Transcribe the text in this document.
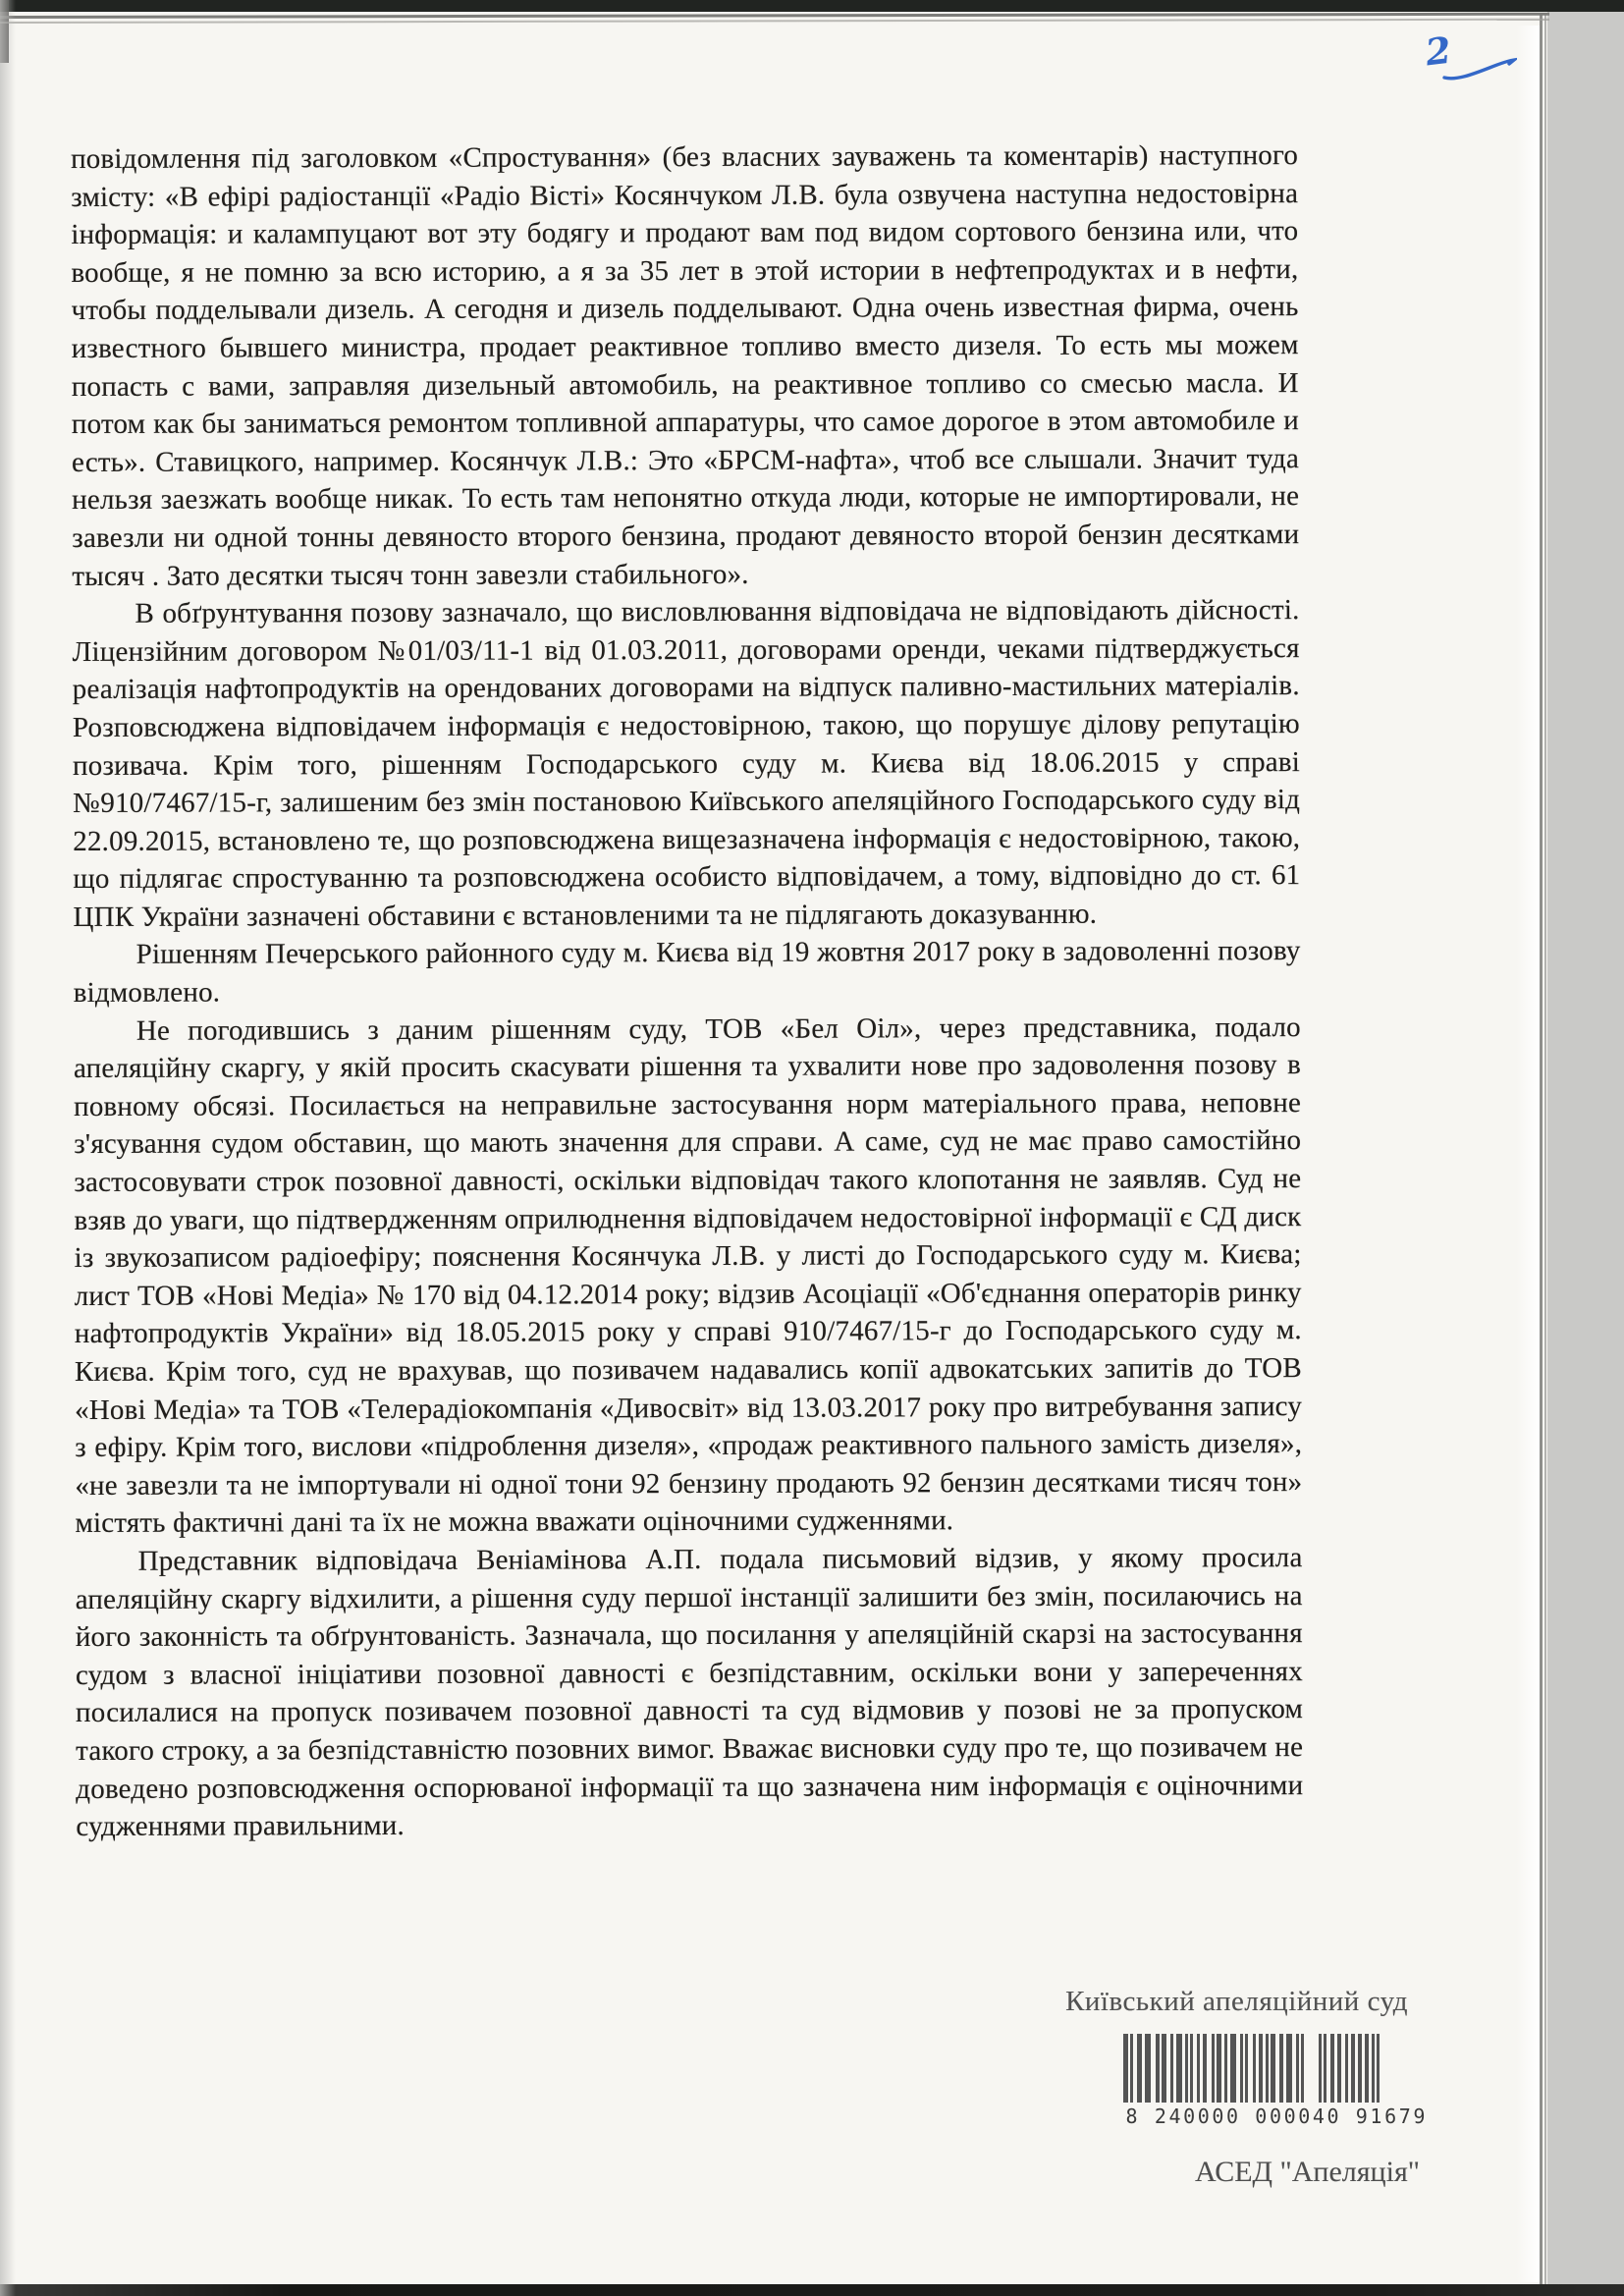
2

повідомлення під заголовком «Спростування» (без власних зауважень та коментарів) наступного змісту: «В ефірі радіостанції «Радіо Вісті» Косянчуком Л.В. була озвучена наступна недостовірна інформація: и калампуцают вот эту бодягу и продают вам под видом сортового бензина или, что вообще, я не помню за всю историю, а я за 35 лет в этой истории в нефтепродуктах и в нефти, чтобы подделывали дизель. А сегодня и дизель подделывают. Одна очень известная фирма, очень известного бывшего министра, продает реактивное топливо вместо дизеля. То есть мы можем попасть с вами, заправляя дизельный автомобиль, на реактивное топливо со смесью масла. И потом как бы заниматься ремонтом топливной аппаратуры, что самое дорогое в этом автомобиле и есть». Ставицкого, например. Косянчук Л.В.: Это «БРСМ-нафта», чтоб все слышали. Значит туда нельзя заезжать вообще никак. То есть там непонятно откуда люди, которые не импортировали, не завезли ни одной тонны девяносто второго бензина, продают девяносто второй бензин десятками тысяч . Зато десятки тысяч тонн завезли стабильного».

В обґрунтування позову зазначало, що висловлювання відповідача не відповідають дійсності. Ліцензійним договором №01/03/11-1 від 01.03.2011, договорами оренди, чеками підтверджується реалізація нафтопродуктів на орендованих договорами на відпуск паливно-мастильних матеріалів. Розповсюджена відповідачем інформація є недостовірною, такою, що порушує ділову репутацію позивача. Крім того, рішенням Господарського суду м. Києва від 18.06.2015 у справі №910/7467/15-г, залишеним без змін постановою Київського апеляційного Господарського суду від 22.09.2015, встановлено те, що розповсюджена вищезазначена інформація є недостовірною, такою, що підлягає спростуванню та розповсюджена особисто відповідачем, а тому, відповідно до ст. 61 ЦПК України зазначені обставини є встановленими та не підлягають доказуванню.

Рішенням Печерського районного суду м. Києва від 19 жовтня 2017 року в задоволенні позову відмовлено.

Не погодившись з даним рішенням суду, ТОВ «Бел Оіл», через представника, подало апеляційну скаргу, у якій просить скасувати рішення та ухвалити нове про задоволення позову в повному обсязі. Посилається на неправильне застосування норм матеріального права, неповне з'ясування судом обставин, що мають значення для справи. А саме, суд не має право самостійно застосовувати строк позовної давності, оскільки відповідач такого клопотання не заявляв. Суд не взяв до уваги, що підтвердженням оприлюднення відповідачем недостовірної інформації є СД диск із звукозаписом радіоефіру; пояснення Косянчука Л.В. у листі до Господарського суду м. Києва; лист ТОВ «Нові Медіа» № 170 від 04.12.2014 року; відзив Асоціації «Об'єднання операторів ринку нафтопродуктів України» від 18.05.2015 року у справі 910/7467/15-г до Господарського суду м. Києва. Крім того, суд не врахував, що позивачем надавались копії адвокатських запитів до ТОВ «Нові Медіа» та ТОВ «Телерадіокомпанія «Дивосвіт» від 13.03.2017 року про витребування запису з ефіру. Крім того, вислови «підроблення дизеля», «продаж реактивного пального замість дизеля», «не завезли та не імпортували ні одної тони 92 бензину продають 92 бензин десятками тисяч тон» містять фактичні дані та їх не можна вважати оціночними судженнями.

Представник відповідача Веніамінова А.П. подала письмовий відзив, у якому просила апеляційну скаргу відхилити, а рішення суду першої інстанції залишити без змін, посилаючись на його законність та обґрунтованість. Зазначала, що посилання у апеляційній скарзі на застосування судом з власної ініціативи позовної давності є безпідставним, оскільки вони у запереченнях посилалися на пропуск позивачем позовної давності та суд відмовив у позові не за пропуском такого строку, а за безпідставністю позовних вимог. Вважає висновки суду про те, що позивачем не доведено розповсюдження оспорюваної інформації та що зазначена ним інформація є оціночними судженнями правильними.

Київський апеляційний суд
8 240000 000040 91679
АСЕД "Апеляція"
